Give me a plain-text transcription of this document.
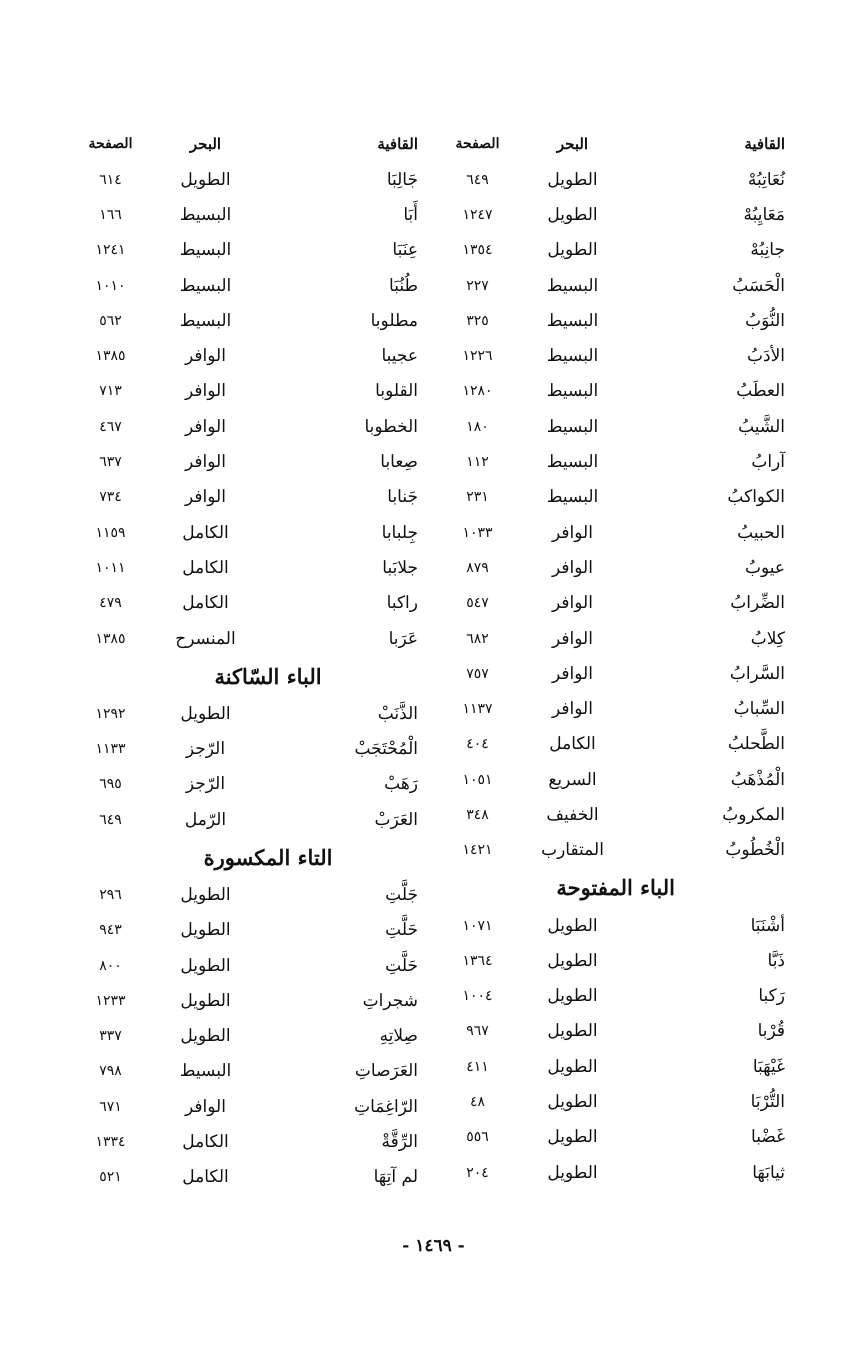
القافية
البحر
الصفحة
نُعَاتِبُهْ
الطويل
٦٤٩
مَعَايِبُهْ
الطويل
١٢٤٧
جانِبُهْ
الطويل
١٣٥٤
الْحَسَبُ
البسيط
٢٢٧
النُّوَبُ
البسيط
٣٢٥
الأدَبُ
البسيط
١٢٢٦
العطَبُ
البسيط
١٢٨٠
الشَّيبُ
البسيط
١٨٠
آرابُ
البسيط
١١٢
الكواكبُ
البسيط
٢٣١
الحبيبُ
الوافر
١٠٣٣
عيوبُ
الوافر
٨٧٩
الضِّرابُ
الوافر
٥٤٧
كِلابُ
الوافر
٦٨٢
السَّرابُ
الوافر
٧٥٧
السِّبابُ
الوافر
١١٣٧
الطَّحلبُ
الكامل
٤٠٤
الْمُذْهَبُ
السريع
١٠٥١
المكروبُ
الخفيف
٣٤٨
الْخُطُوبُ
المتقارب
١٤٢١
الباء المفتوحة
أشْنَبَا
الطويل
١٠٧١
ذَبَّا
الطويل
١٣٦٤
رَكبا
الطويل
١٠٠٤
قُرْبا
الطويل
٩٦٧
غَيْهَبَا
الطويل
٤١١
التُّرْبَا
الطويل
٤٨
غَضْبا
الطويل
٥٥٦
ثيابَهَا
الطويل
٢٠٤
القافية
البحر
الصفحة
جَالِبَا
الطويل
٦١٤
أَبَا
البسيط
١٦٦
عِنَبَا
البسيط
١٢٤١
طُنُبَا
البسيط
١٠١٠
مطلوبا
البسيط
٥٦٢
عجيبا
الوافر
١٣٨٥
القلوبا
الوافر
٧١٣
الخطوبا
الوافر
٤٦٧
صِعابا
الوافر
٦٣٧
جَنابا
الوافر
٧٣٤
جِلبابا
الكامل
١١٥٩
جلابَبا
الكامل
١٠١١
راكبا
الكامل
٤٧٩
عَرَبا
المنسرح
١٣٨٥
الباء السّاكنة
الذَّنَبْ
الطويل
١٢٩٢
الْمُحْتَجَبْ
الرّجز
١١٣٣
رَهَبْ
الرّجز
٦٩٥
العَرَبْ
الرّمل
٦٤٩
التاء المكسورة
جَلَّتِ
الطويل
٢٩٦
حَلَّتِ
الطويل
٩٤٣
حَلَّتِ
الطويل
٨٠٠
شجراتِ
الطويل
١٢٣٣
صِلاتِهِ
الطويل
٣٣٧
العَرَصاتِ
البسيط
٧٩٨
الرّاغِمَاتِ
الوافر
٦٧١
الرِّقَّةْ
الكامل
١٣٣٤
لم آتِهَا
الكامل
٥٢١
- ١٤٦٩ -
